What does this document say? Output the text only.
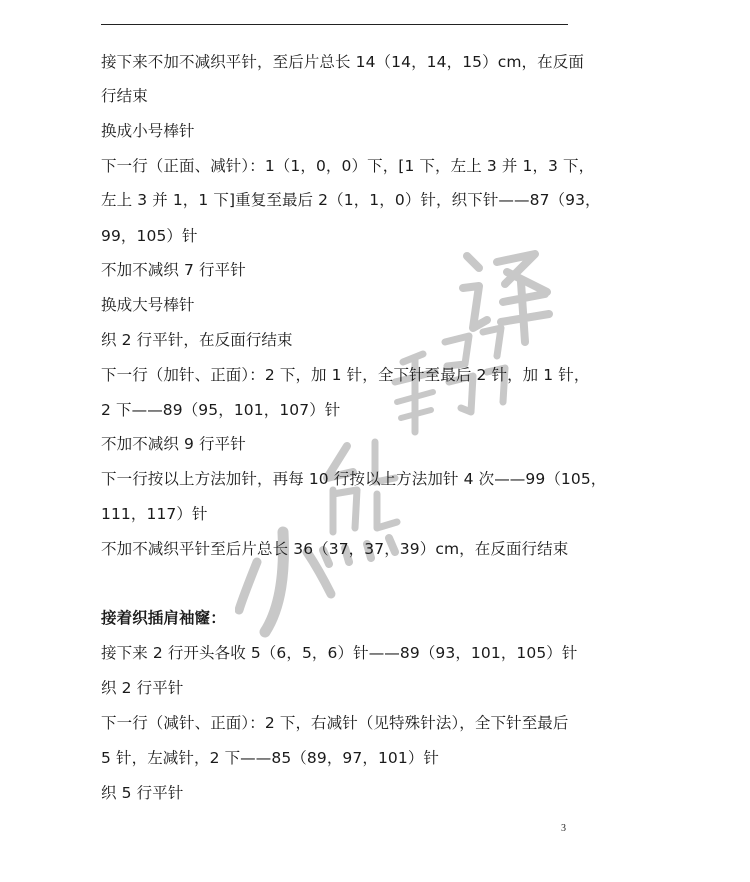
接下来不加不减织平针，至后片总长 14（14，14，15）cm，在反面
行结束
换成小号棒针
下一行（正面、减针）：1（1，0，0）下，[1 下，左上 3 并 1，3 下，
左上 3 并 1，1 下]重复至最后 2（1，1，0）针，织下针——87（93，
99，105）针
不加不减织 7 行平针
换成大号棒针
织 2 行平针，在反面行结束
下一行（加针、正面）：2 下，加 1 针，全下针至最后 2 针，加 1 针，
2 下——89（95，101，107）针
不加不减织 9 行平针
下一行按以上方法加针，再每 10 行按以上方法加针 4 次——99（105，
111，117）针
不加不减织平针至后片总长 36（37，37，39）cm，在反面行结束
接着织插肩袖窿：
接下来 2 行开头各收 5（6，5，6）针——89（93，101，105）针
织 2 行平针
下一行（减针、正面）：2 下，右减针（见特殊针法），全下针至最后
5 针，左减针，2 下——85（89，97，101）针
织 5 行平针
3
